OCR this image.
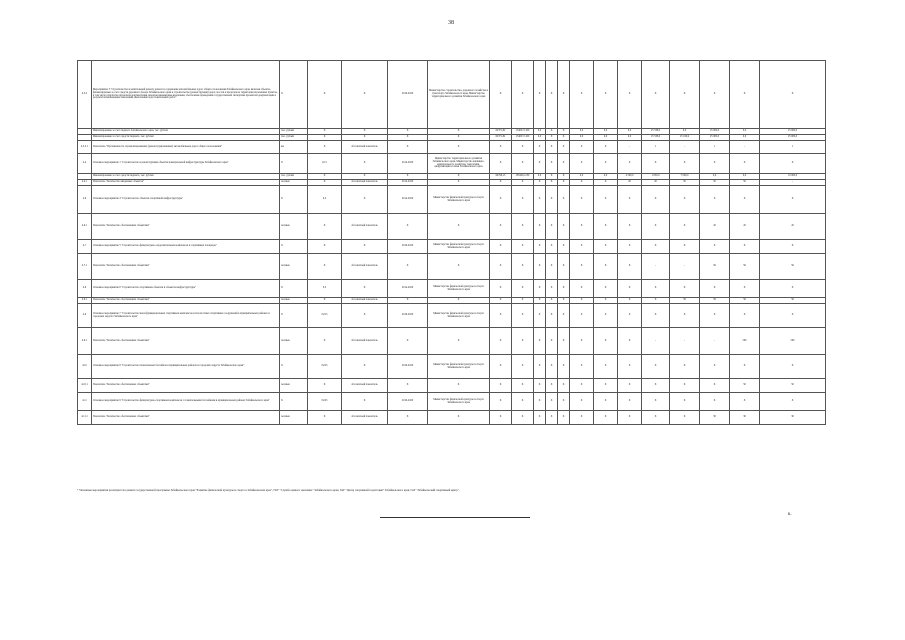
38
4.3.2	Мероприятие 3 "Строительство и капитальный ремонт, ремонт и содержание автомобильных дорог общего пользования Забайкальского края, включая объекты, финансируемые за счет средств дорожного фонда Забайкальского края и строительство (реконструкция) дорог, мостов и проездов на территории населенных пунктов, в том числе разработка проектной документации, включая инженерные изыскания, обеспечение проведения государственной экспертизы проектной документации и результатов инженерных изысканий, выполнение подготовительных работ"	Х	Х	Х	2016-2020	Министерство строительства, дорожного хозяйства и транспорта Забайкальского края, Министерство территориального развития Забайкальского края	Х	Х	Х	Х	Х	Х	Х	Х	Х	Х	Х	Х	Х
	Финансирование за счет бюджета Забайкальского края, тыс. рублей	тыс. рублей	Х	Х	Х	Х	62371,82	154027,1160	0,0	Х	Х	0,0	0,0	0,0	25 538,0	0,0	25 000,0	0,0	25 000,0
	Финансирование за счет средств бюджета, тыс. рублей	тыс. рублей	Х	Х	Х	Х	62371,82	154027,1160	0,0	Х	Х	0,0	0,0	0,0	25 538,0	25 019,9	25 000,0	0,0	25 000,0
4.3.2.1	Показатель "Протяженность отремонтированных (реконструированных) автомобильных дорог общего пользования"	км	Х	абсолютный показатель	Х	Х	Х	Х	Х	Х	Х	Х	Х	-	1	-	1	-	1
4.4	Основное мероприятие 1 "Строительство и реконструкция объектов коммунальной инфраструктуры Забайкальского края"	Х	0,15	Х	2014-2020	Министерство территориального развития Забайкальского края, Министерство жилищно-коммунального хозяйства, энергетики, цифровизации и связи Забайкальского края	Х	Х	Х	Х	Х	Х	Х	Х	Х	Х	Х	Х	Х
	Финансирование за счет средств бюджета, тыс. рублей	тыс. рублей	Х	Х	Х	Х	64790,13	185420,1230	0,0	Х	Х	0,0	0,0	4 500,0	1 650,0	7 000,0	0,0	0,0	10 000,0
4.4.1	Показатель "Количество введенных объектов"	человек	Х	абсолютный показатель	2014-2020	Х	Х	Х	Х	Х	Х	Х	Х	20	20	50	50	50	-
4.6	Основное мероприятие 4 "Строительство объектов спортивной инфраструктуры"	Х	0,3	Х	2014-2020	Министерство физической культуры и спорта Забайкальского края	Х	Х	Х	Х	Х	Х	Х	Х	Х	Х	Х	Х	Х
4.6.1	Показатель "Количество обеспеченных объектами"	человек	Х	абсолютный показатель	Х	Х	Х	Х	Х	Х	Х	Х	Х	Х	Х	Х	45	45	45
4.7	Основное мероприятие 5 "Строительство физкультурно-оздоровительных комплексов и спортивных площадок"	Х	Х	Х	2016-2020	Министерство физической культуры и спорта Забайкальского края	Х	Х	Х	Х	Х	Х	Х	Х	Х	Х	Х	Х	Х
4.7.1	Показатель "Количество обеспеченных объектами"	человек	Х	абсолютный показатель	Х	Х	Х	Х	Х	Х	Х	Х	Х	Х	-	-	56	56	56
4.8	Основное мероприятие 6 "Строительство спортивных объектов и объектов инфраструктуры"	Х	0,3	Х	2014-2020	Министерство физической культуры и спорта Забайкальского края	Х	Х	Х	Х	Х	Х	Х	Х	Х	Х	Х	Х	Х
4.8.1	Показатель "Количество обеспеченных объектами"	человек	Х	абсолютный показатель	Х	Х	Х	Х	Х	Х	Х	Х	Х	Х	Х	56	56	56	56
4.9	Основное мероприятие 7 "Строительство многофункциональных спортивных комплексов и плоскостных спортивных сооружений в муниципальных районах и городских округах Забайкальского края"	Х	0,015	Х	2016-2020	Министерство физической культуры и спорта Забайкальского края	Х	Х	Х	Х	Х	Х	Х	Х	Х	Х	Х	Х	Х
4.9.1	Показатель "Количество обеспеченных объектами"	человек	Х	абсолютный показатель	Х	Х	Х	Х	Х	Х	Х	Х	Х	Х	-	-	-	500	500
4.10	Основное мероприятие 8 "Строительство плавательных бассейнов в муниципальных районах и городских округах Забайкальского края"	Х	0,025	Х	2016-2020	Министерство физической культуры и спорта Забайкальского края	Х	Х	Х	Х	Х	Х	Х	Х	Х	Х	Х	Х	Х
4.10.1	Показатель "Количество обеспеченных объектами"	человек	Х	абсолютный показатель	Х	Х	Х	Х	Х	Х	Х	Х	Х	Х	Х	Х	Х	50	50
4.11	Основное мероприятие 9 "Строительство физкультурно-спортивных комплексов с плавательными бассейнами в муниципальных районах Забайкальского края"	Х	0,025	Х	2016-2020	Министерство физической культуры и спорта Забайкальского края	Х	Х	Х	Х	Х	Х	Х	Х	Х	Х	Х	Х	Х
4.11.1	Показатель "Количество обеспеченных объектами"	человек	Х	абсолютный показатель	Х	Х	Х	Х	Х	Х	Х	Х	Х	Х	Х	Х	30	30	30
* Указанные мероприятия реализуются в рамках государственной программы Забайкальского края "Развитие физической культуры и спорта в Забайкальском крае", ГКУ "Служба единого заказчика" Забайкальского края, ГАУ "Центр спортивной подготовки" Забайкальского края, ГАУ "Забайкальский спортивный центр".
к.
